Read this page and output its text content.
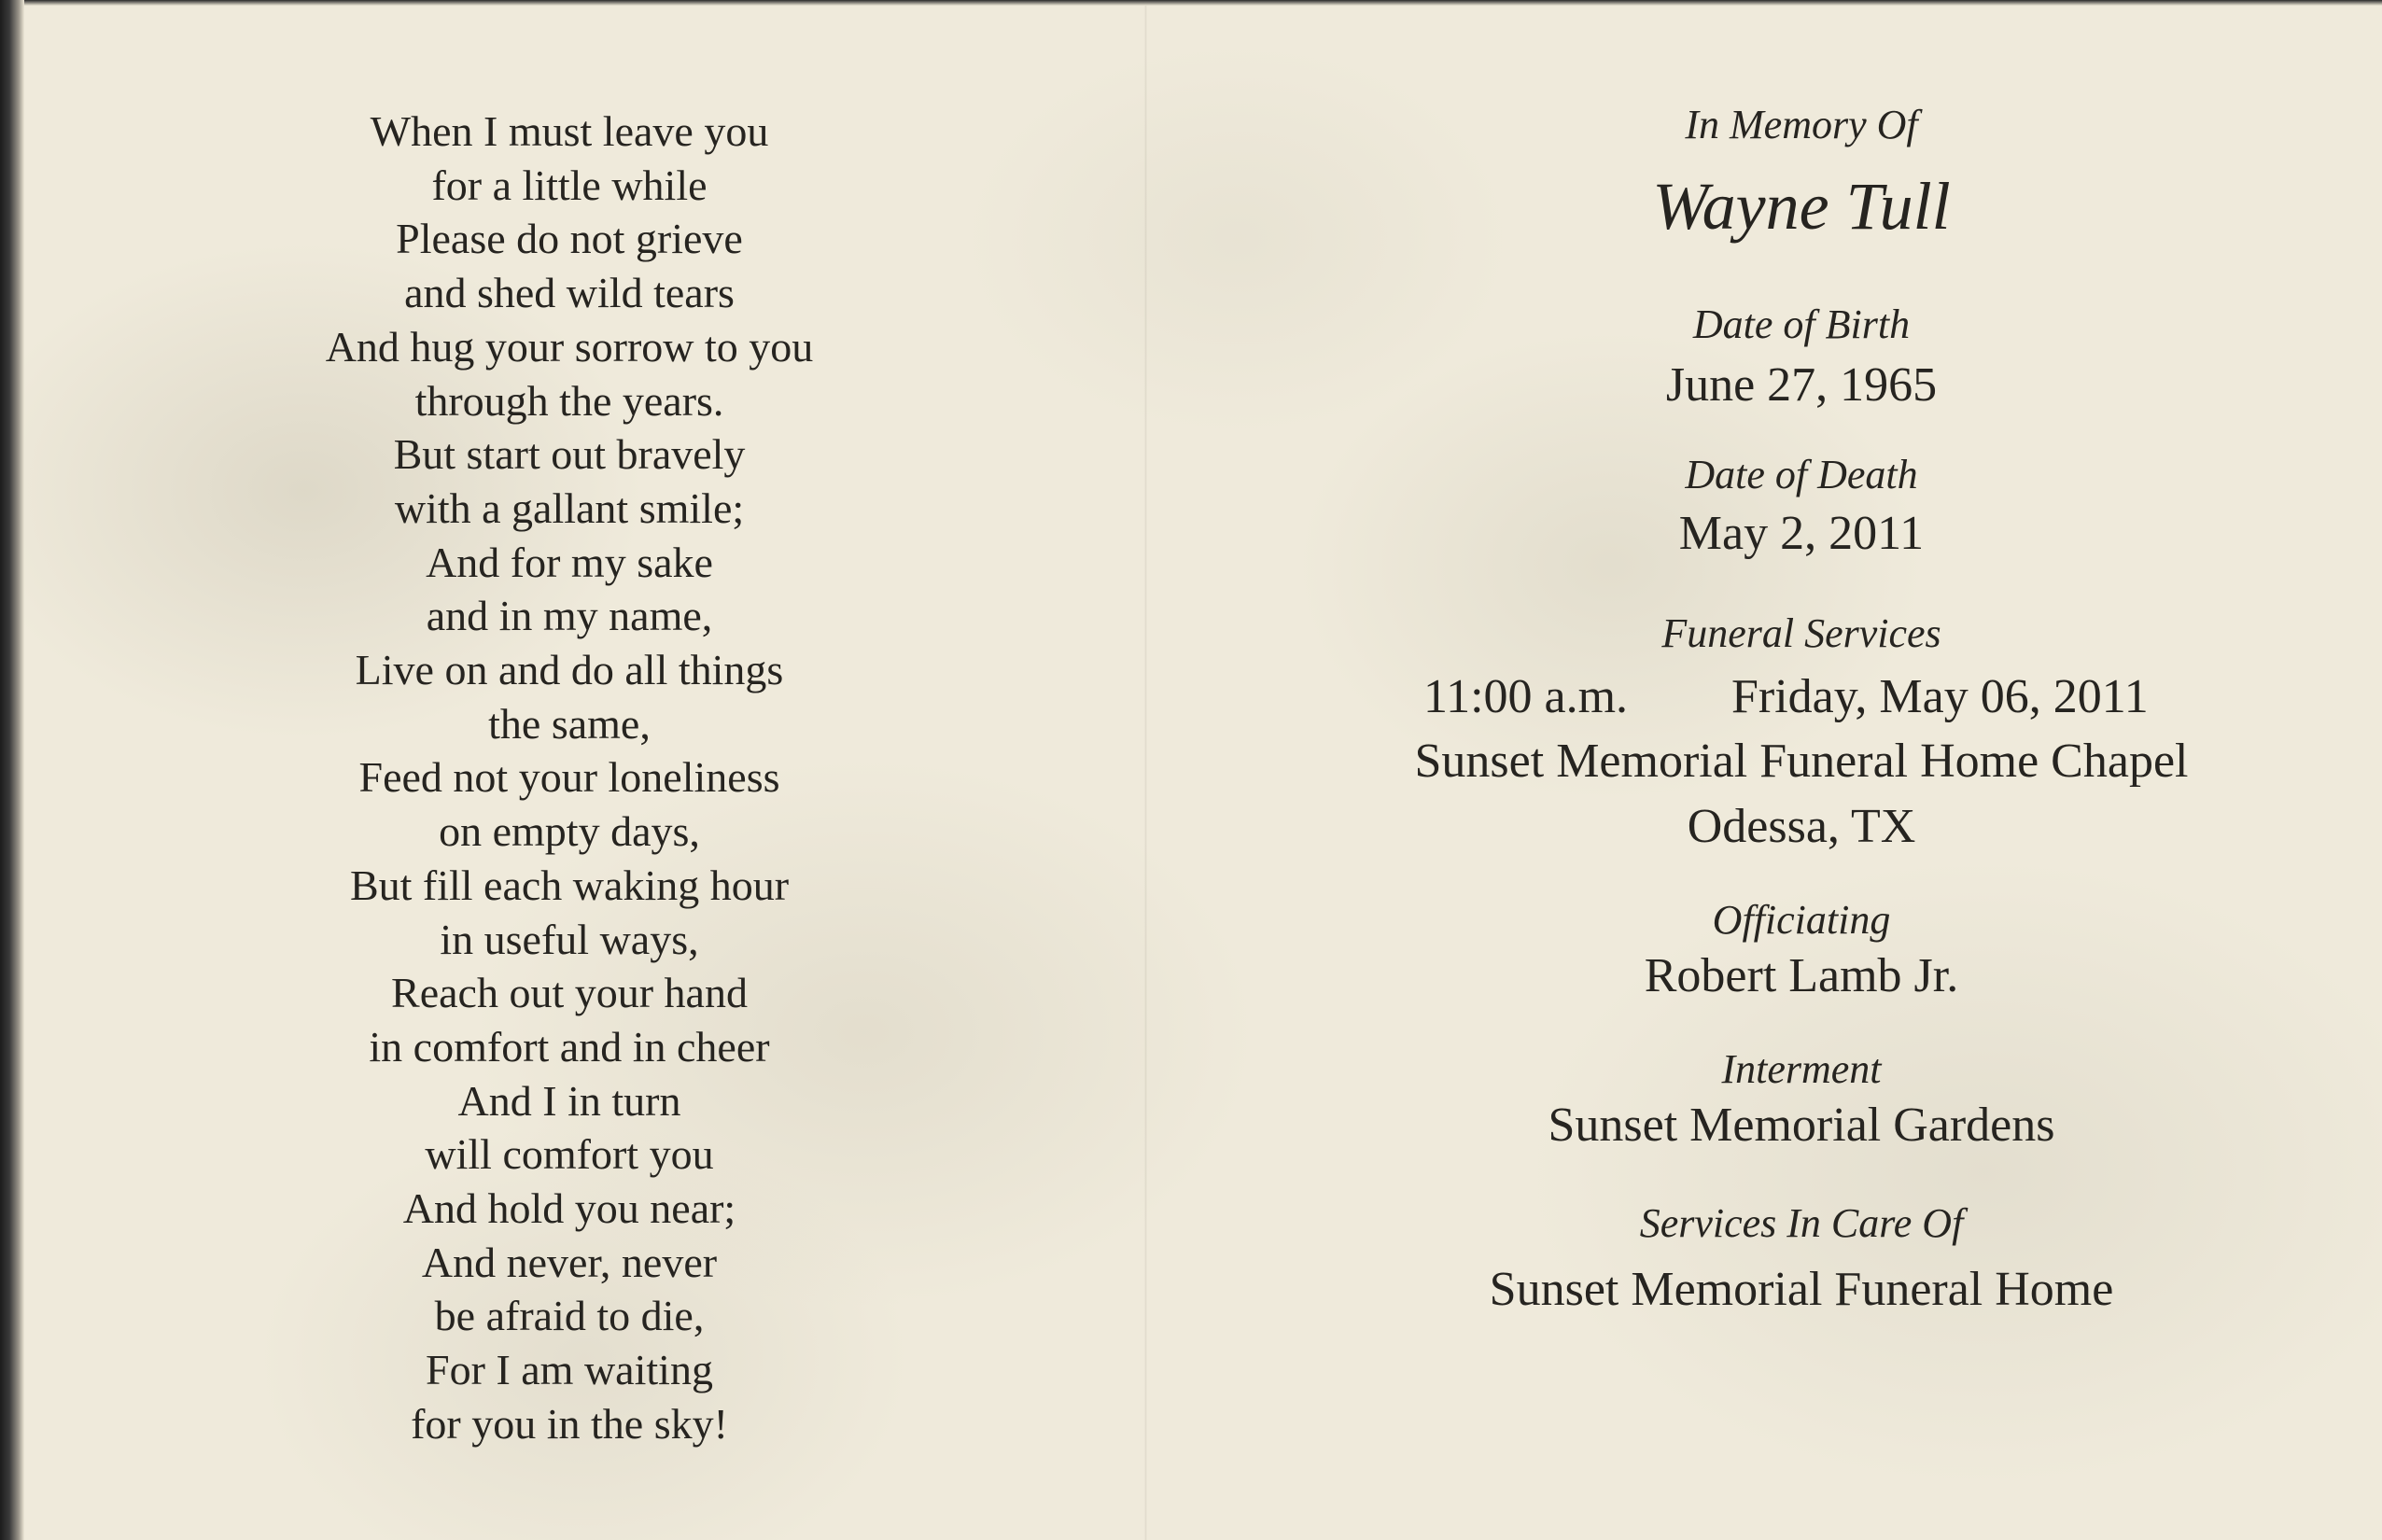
When I must leave you
for a little while
Please do not grieve
and shed wild tears
And hug your sorrow to you
through the years.
But start out bravely
with a gallant smile;
And for my sake
and in my name,
Live on and do all things
the same,
Feed not your loneliness
on empty days,
But fill each waking hour
in useful ways,
Reach out your hand
in comfort and in cheer
And I in turn
will comfort you
And hold you near;
And never, never
be afraid to die,
For I am waiting
for you in the sky!
In Memory Of
Wayne Tull
Date of Birth
June 27, 1965
Date of Death
May 2, 2011
Funeral Services
11:00 a.m. Friday, May 06, 2011
Sunset Memorial Funeral Home Chapel
Odessa, TX
Officiating
Robert Lamb Jr.
Interment
Sunset Memorial Gardens
Services In Care Of
Sunset Memorial Funeral Home
